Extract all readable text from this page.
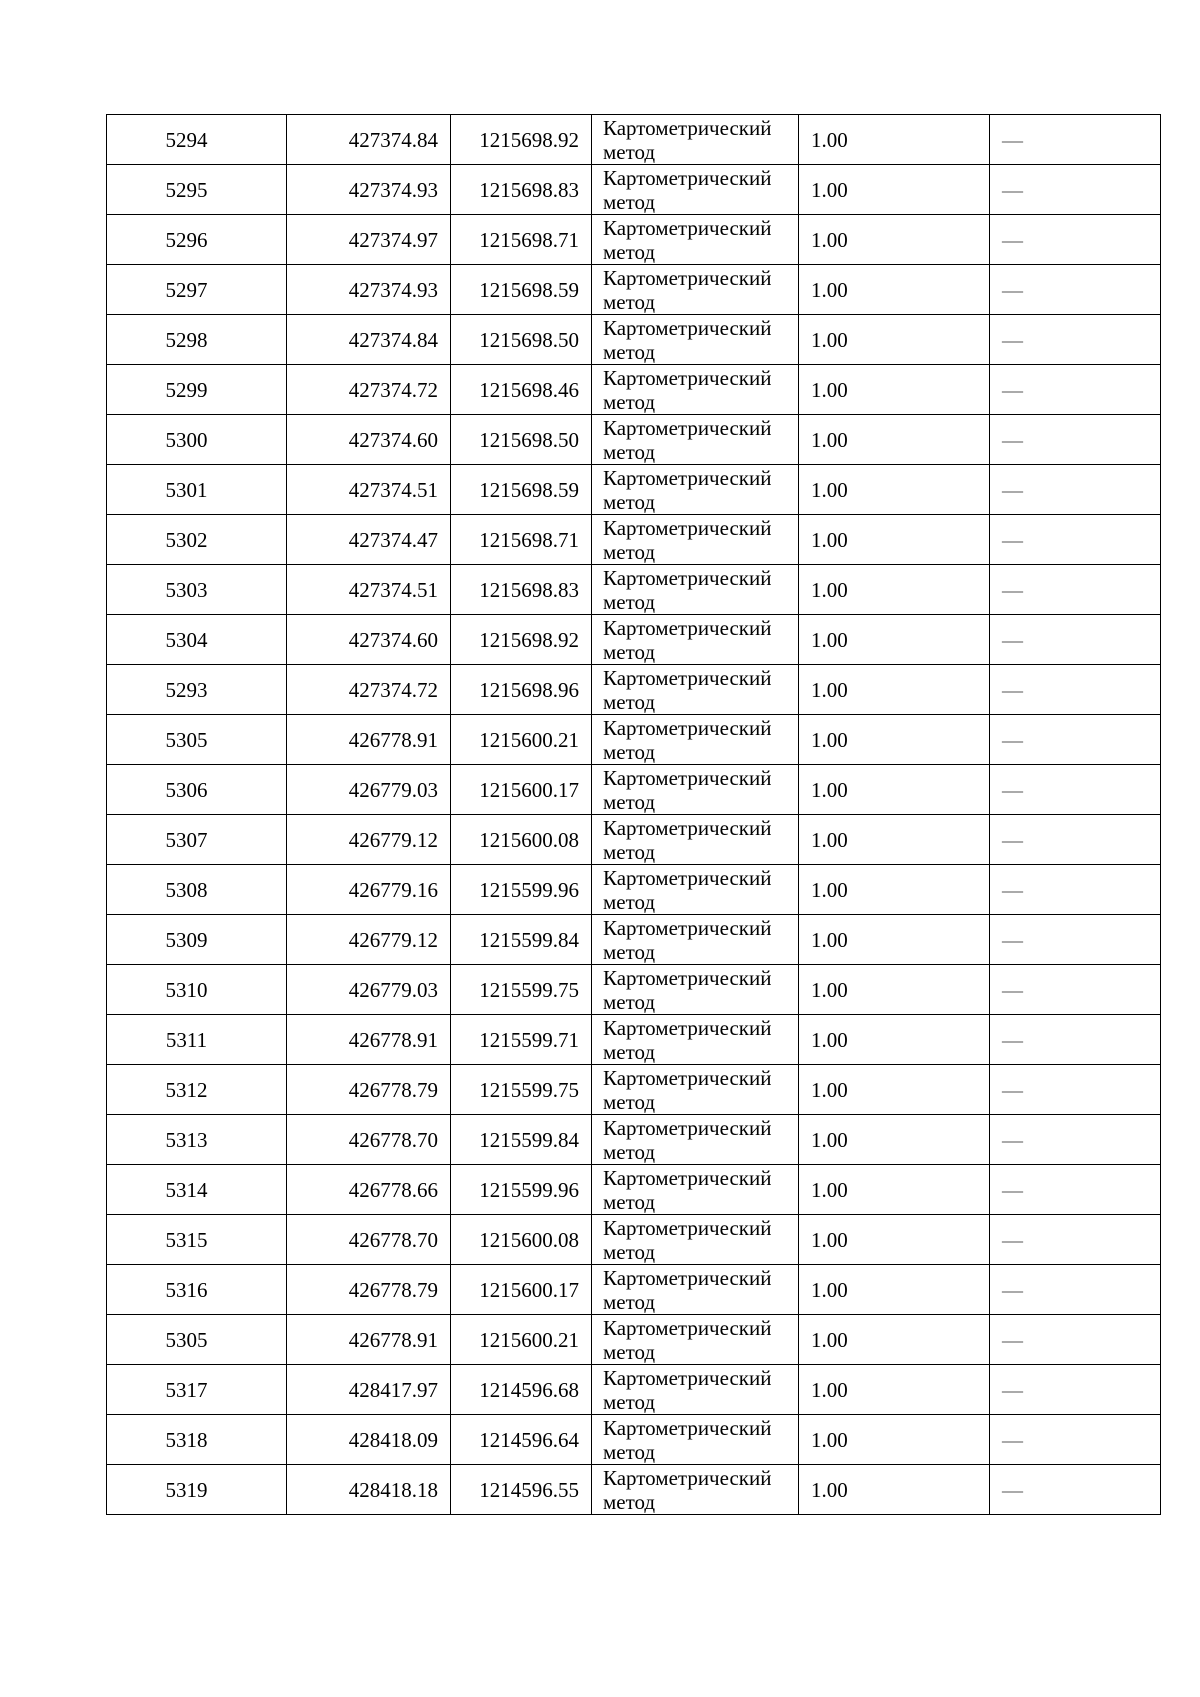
5294	427374.84	1215698.92	Картометрический
метод	1.00	—
5295	427374.93	1215698.83	Картометрический
метод	1.00	—
5296	427374.97	1215698.71	Картометрический
метод	1.00	—
5297	427374.93	1215698.59	Картометрический
метод	1.00	—
5298	427374.84	1215698.50	Картометрический
метод	1.00	—
5299	427374.72	1215698.46	Картометрический
метод	1.00	—
5300	427374.60	1215698.50	Картометрический
метод	1.00	—
5301	427374.51	1215698.59	Картометрический
метод	1.00	—
5302	427374.47	1215698.71	Картометрический
метод	1.00	—
5303	427374.51	1215698.83	Картометрический
метод	1.00	—
5304	427374.60	1215698.92	Картометрический
метод	1.00	—
5293	427374.72	1215698.96	Картометрический
метод	1.00	—
5305	426778.91	1215600.21	Картометрический
метод	1.00	—
5306	426779.03	1215600.17	Картометрический
метод	1.00	—
5307	426779.12	1215600.08	Картометрический
метод	1.00	—
5308	426779.16	1215599.96	Картометрический
метод	1.00	—
5309	426779.12	1215599.84	Картометрический
метод	1.00	—
5310	426779.03	1215599.75	Картометрический
метод	1.00	—
5311	426778.91	1215599.71	Картометрический
метод	1.00	—
5312	426778.79	1215599.75	Картометрический
метод	1.00	—
5313	426778.70	1215599.84	Картометрический
метод	1.00	—
5314	426778.66	1215599.96	Картометрический
метод	1.00	—
5315	426778.70	1215600.08	Картометрический
метод	1.00	—
5316	426778.79	1215600.17	Картометрический
метод	1.00	—
5305	426778.91	1215600.21	Картометрический
метод	1.00	—
5317	428417.97	1214596.68	Картометрический
метод	1.00	—
5318	428418.09	1214596.64	Картометрический
метод	1.00	—
5319	428418.18	1214596.55	Картометрический
метод	1.00	—
